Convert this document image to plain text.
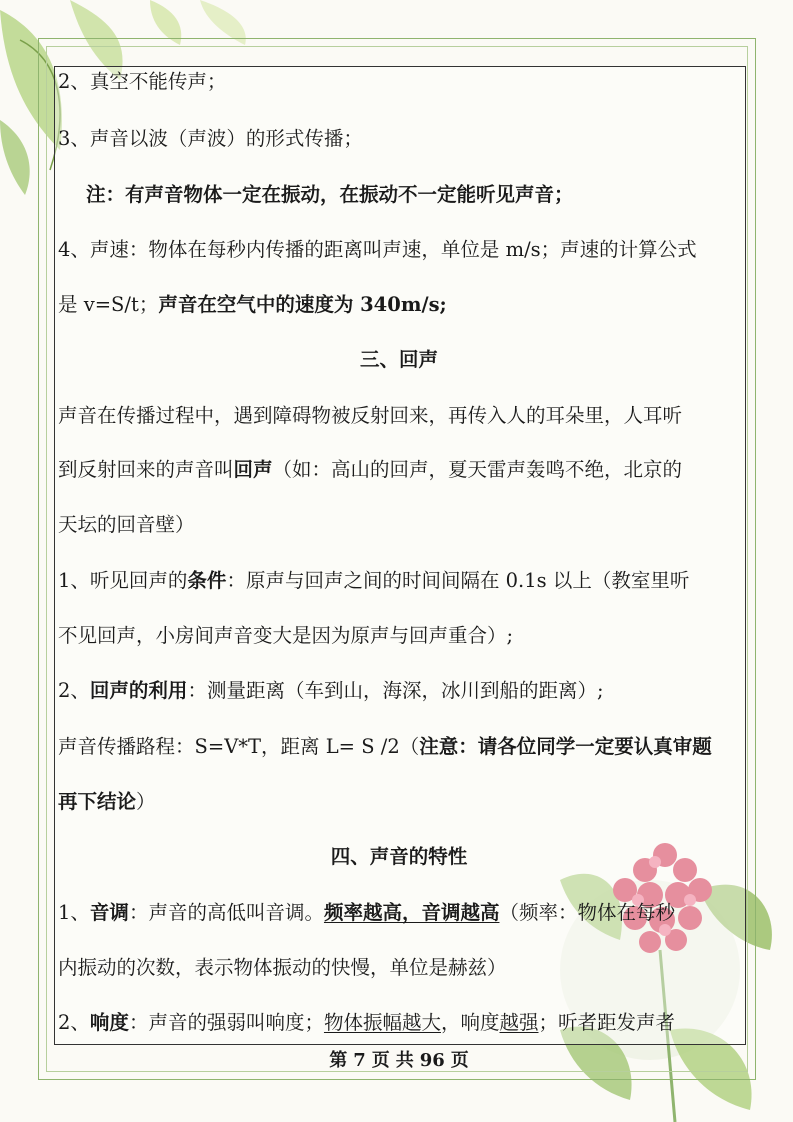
2、真空不能传声；
3、声音以波（声波）的形式传播；
注：有声音物体一定在振动，在振动不一定能听见声音；
4、声速：物体在每秒内传播的距离叫声速，单位是 m/s；声速的计算公式
是 v=S/t；声音在空气中的速度为 340m/s;
三、回声
声音在传播过程中，遇到障碍物被反射回来，再传入人的耳朵里，人耳听
到反射回来的声音叫回声（如：高山的回声，夏天雷声轰鸣不绝，北京的
天坛的回音壁）
1、听见回声的条件：原声与回声之间的时间间隔在 0.1s 以上（教室里听
不见回声，小房间声音变大是因为原声与回声重合）;
2、回声的利用：测量距离（车到山，海深，冰川到船的距离）;
声音传播路程：S=V*T，距离 L= S /2（注意：请各位同学一定要认真审题
再下结论）
四、声音的特性
1、音调：声音的高低叫音调。频率越高，音调越高（频率：物体在每秒
内振动的次数，表示物体振动的快慢，单位是赫兹）
2、响度：声音的强弱叫响度；物体振幅越大，响度越强；听者距发声者
第 7 页 共 96 页
